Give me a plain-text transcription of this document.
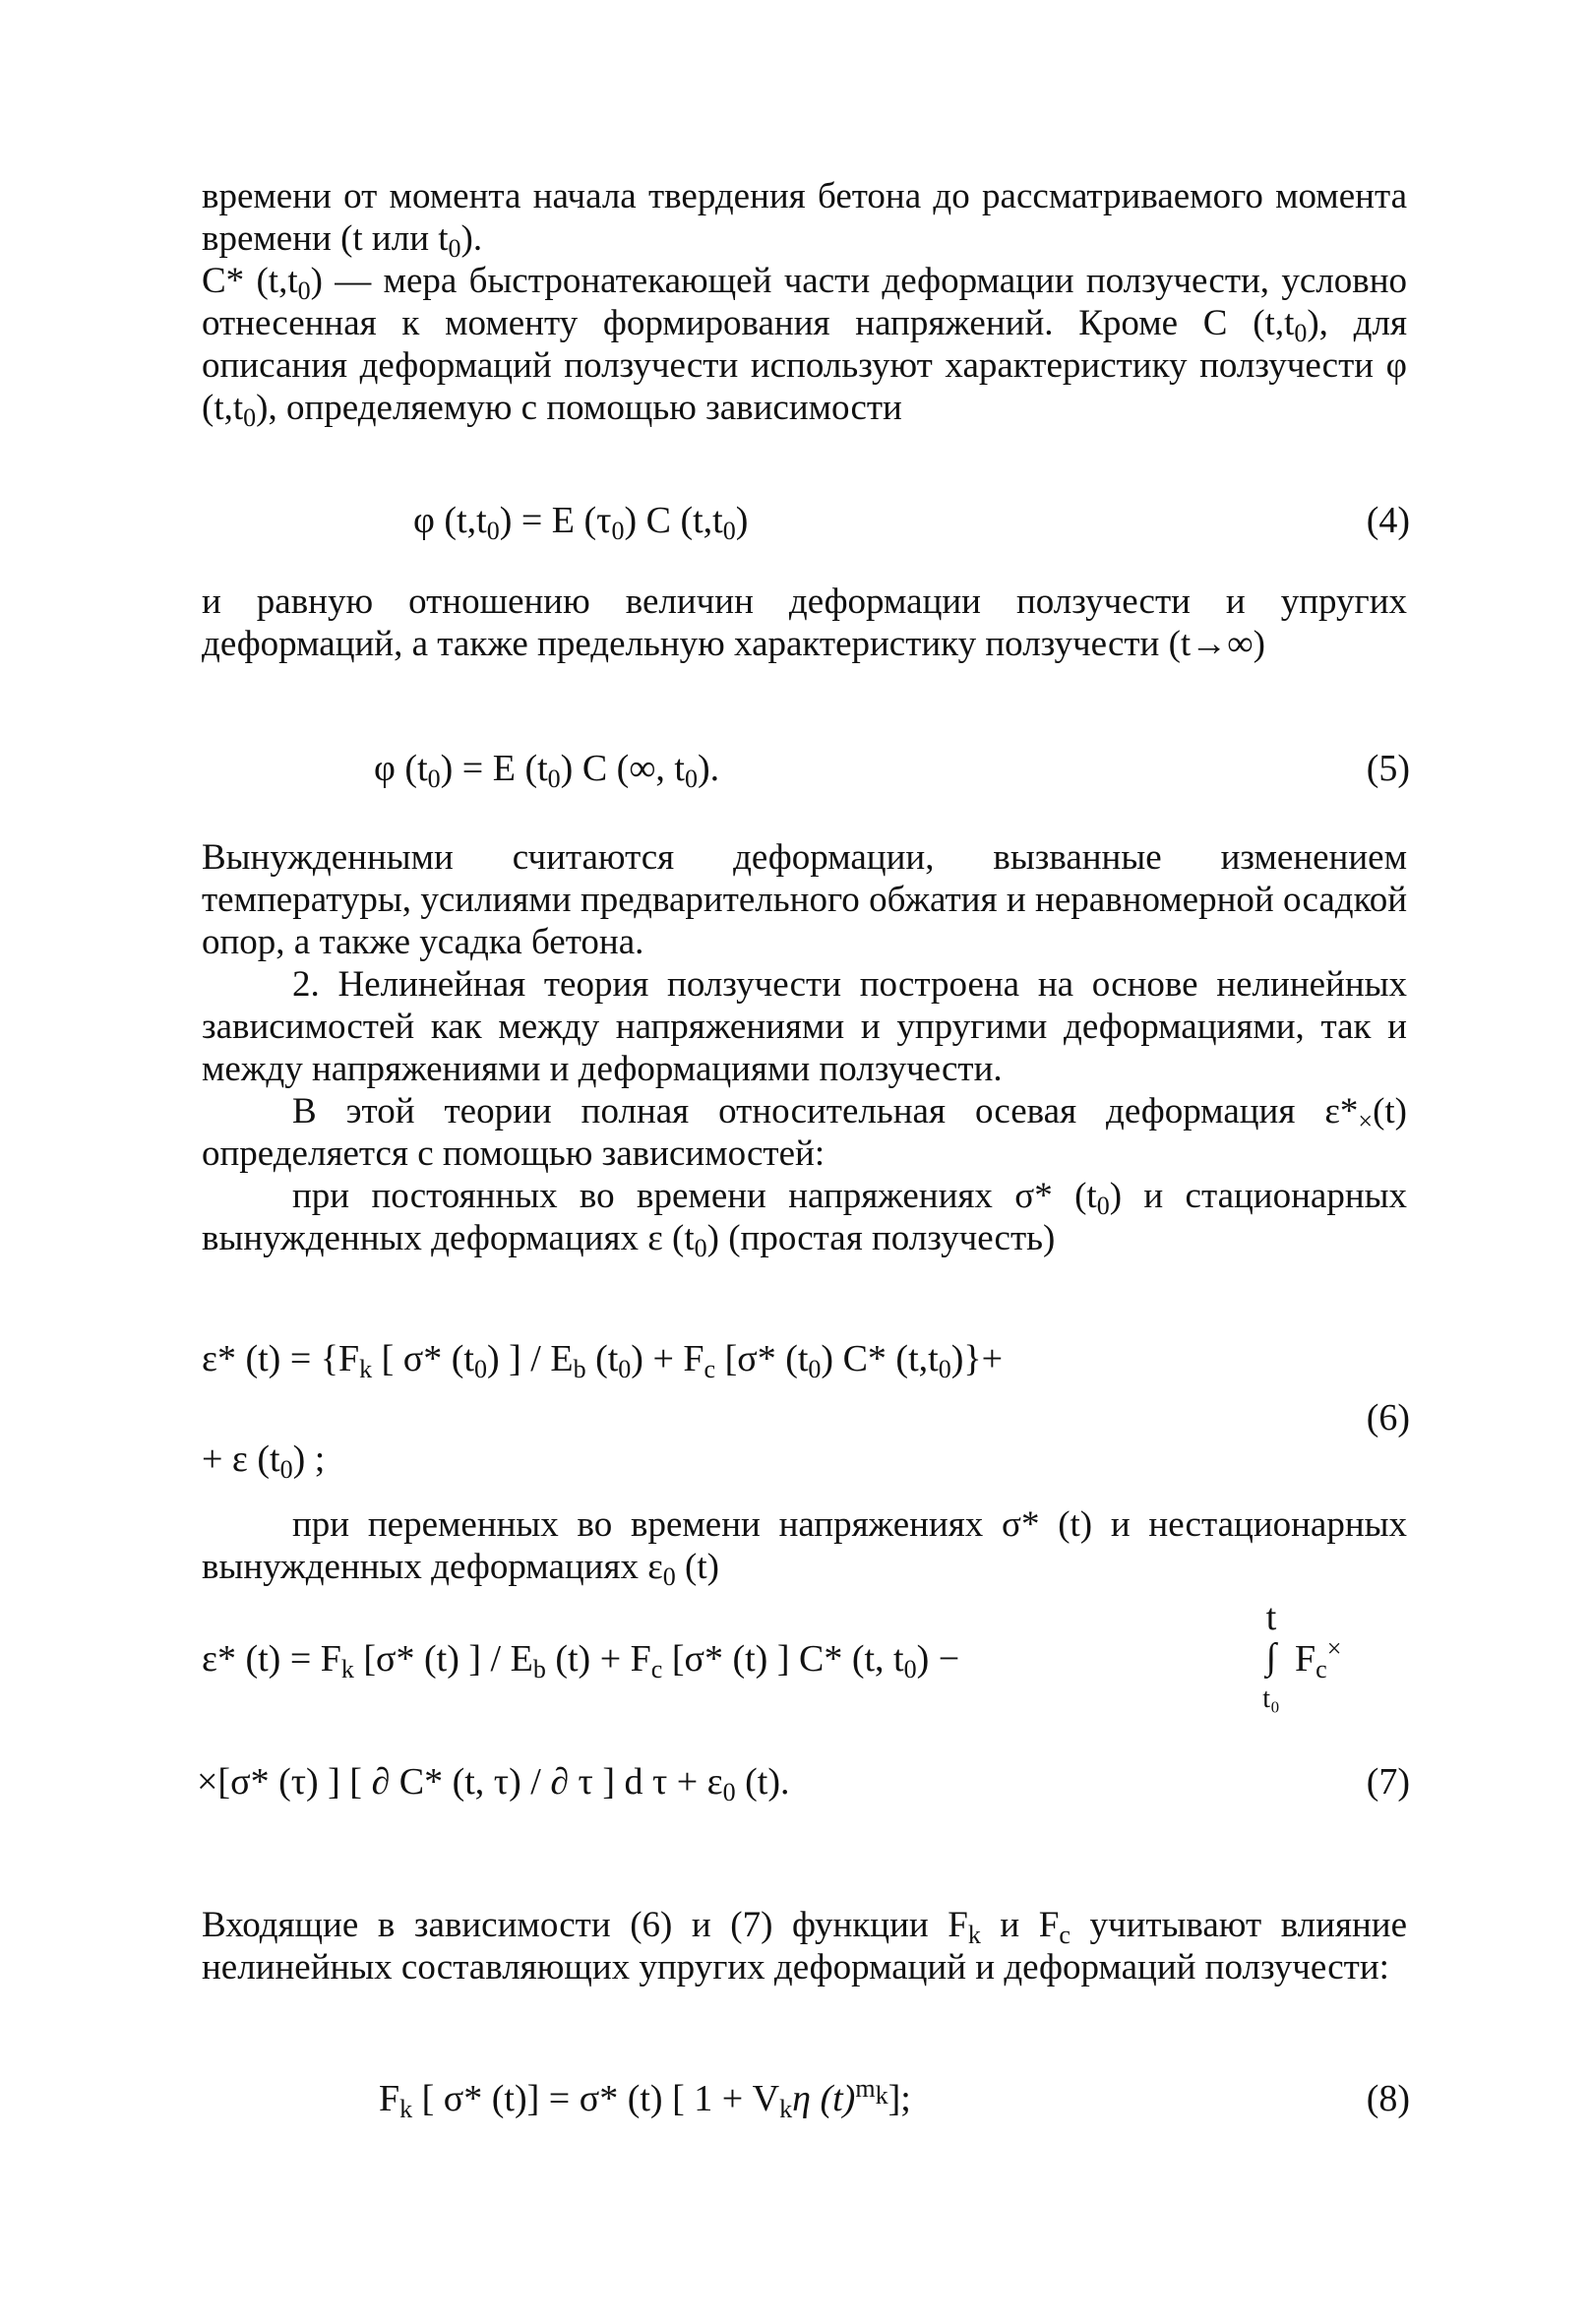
времени от момента начала твердения бетона до рассматриваемого момента времени (t или $t_0$).

C* $(t,t_0)$ — мера быстронатекающей части деформации ползучести, условно отнесенная к моменту формирования напряжений. Кроме C $(t,t_0)$, для описания деформаций ползучести используют характеристику ползучести φ $(t,t_0)$, определяемую с помощью зависимости

φ $(t,t_0) = E$ $(\tau_0)$ C $(t,t_0)$	(4)

и равную отношению величин деформации ползучести и упругих деформаций, а также предельную характеристику ползучести (t→∞)

φ $(t_0) = E$ $(t_0)$ C (∞, $t_0$).	(5)

Вынужденными считаются деформации, вызванные изменением температуры, усилиями предварительного обжатия и неравномерной осадкой опор, а также усадка бетона.

2. Нелинейная теория ползучести построена на основе нелинейных зависимостей как между напряжениями и упругими деформациями, так и между напряжениями и деформациями ползучести.

В этой теории полная относительная осевая деформация $\varepsilon*_\times(t)$ определяется с помощью зависимостей:

при постоянных во времени напряжениях σ* $(t_0)$ и стационарных вынужденных деформациях ε $(t_0)$ (простая ползучесть)

ε* $(t) = \{F_k$ [ σ* $(t_0)$ ] / $E_b$ $(t_0) + F_c$ [σ* $(t_0)$ C* $(t,t_0)\}+$
+ ε $(t_0)$ ;
(6)

при переменных во времени напряжениях σ* (t) и нестационарных вынужденных деформациях $\varepsilon_0$ (t)

ε* $(t) = F_k$ [σ* (t) ] / $E_b$ $(t) + F_c$ [σ* (t) ] C* (t, $t_0$) −
t
∫
t₀
$F_c^\times$
×[σ* (τ) ] [ ∂ C* (t, τ) / ∂ τ ] d $\tau + \varepsilon_0$ (t).	(7)

Входящие в зависимости (6) и (7) функции $F_k$ и $F_c$ учитывают влияние нелинейных составляющих упругих деформаций и деформаций ползучести:

$F_k$ [ σ* (t)] = σ* (t) [ $1 + V_k\eta$ $(t)^{m_k}$];	(8)
